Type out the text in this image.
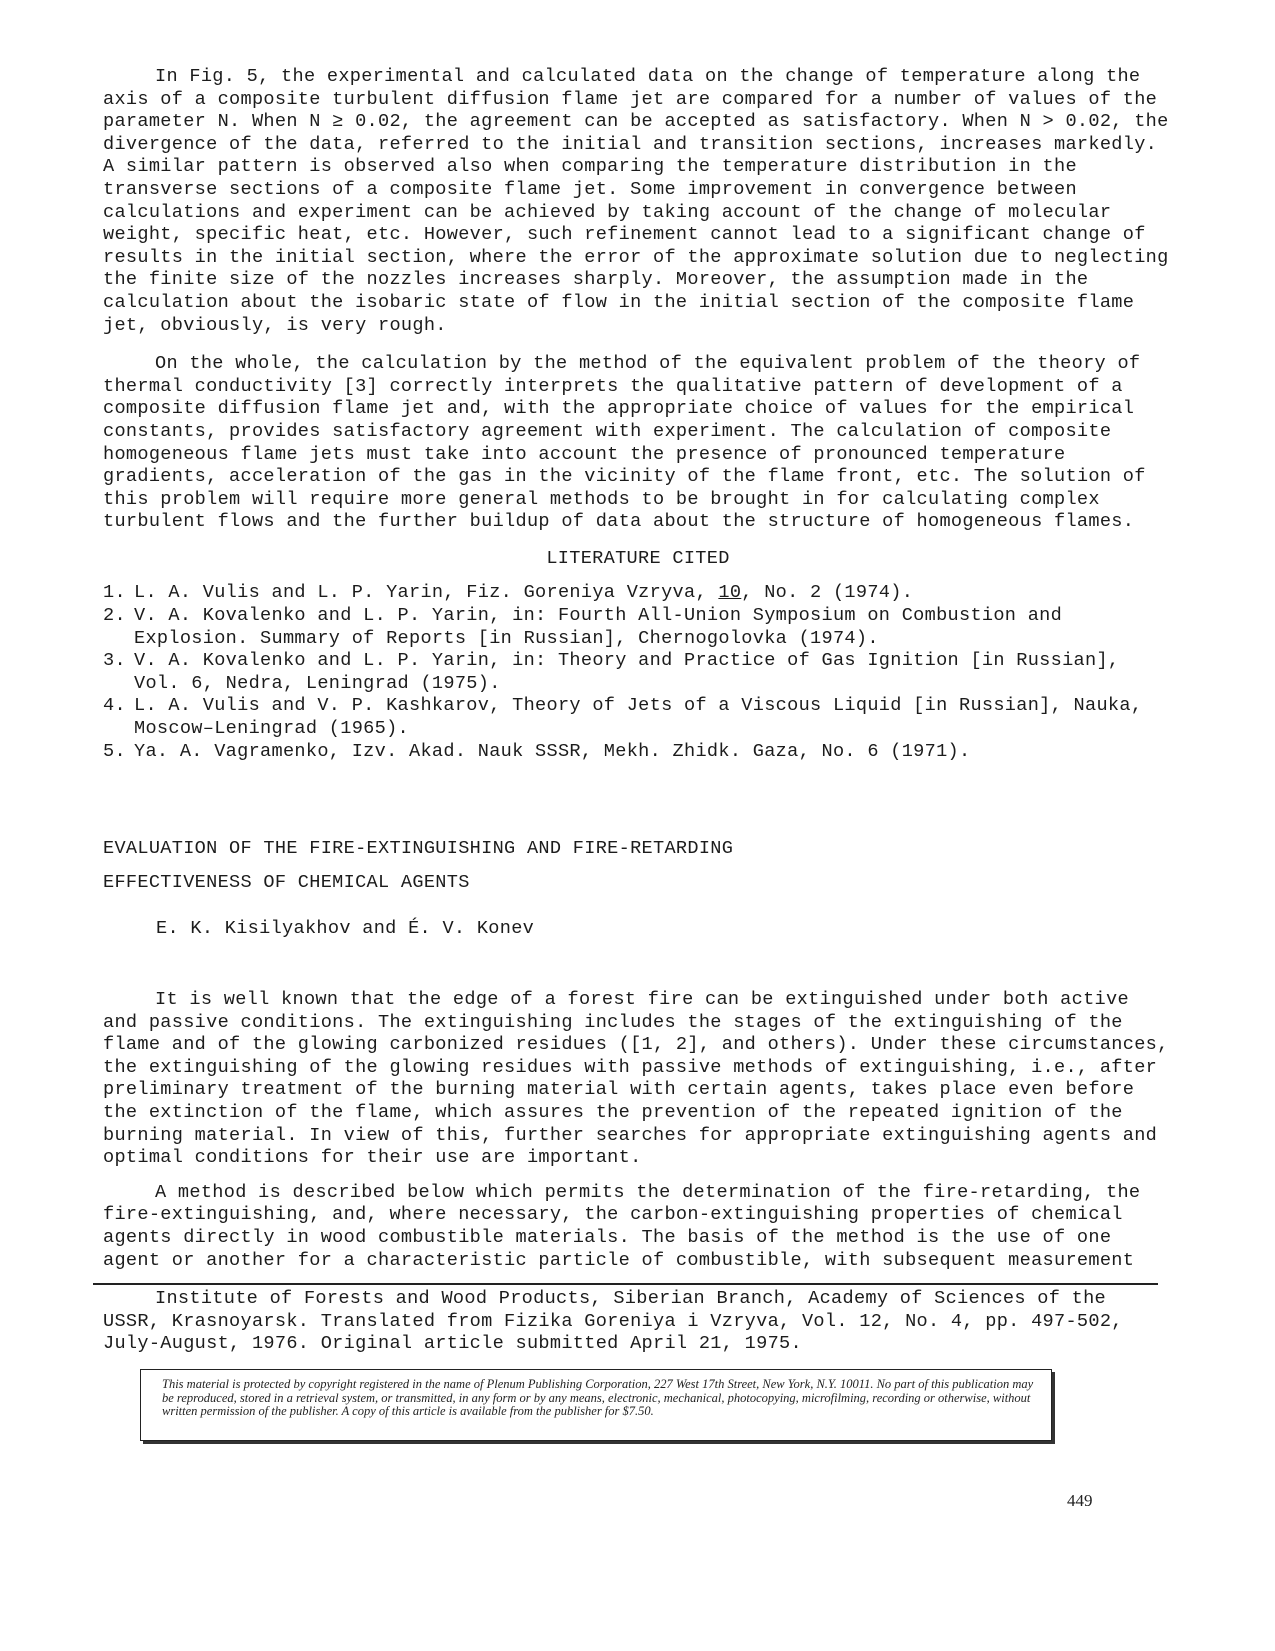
In Fig. 5, the experimental and calculated data on the change of temperature along the axis of a composite turbulent diffusion flame jet are compared for a number of values of the parameter N. When N ≥ 0.02, the agreement can be accepted as satisfactory. When N > 0.02, the divergence of the data, referred to the initial and transition sections, increases markedly. A similar pattern is observed also when comparing the temperature distribution in the transverse sections of a composite flame jet. Some improvement in convergence between calculations and experiment can be achieved by taking account of the change of molecular weight, specific heat, etc. However, such refinement cannot lead to a significant change of results in the initial section, where the error of the approximate solution due to neglecting the finite size of the nozzles increases sharply. Moreover, the assumption made in the calculation about the isobaric state of flow in the initial section of the composite flame jet, obviously, is very rough.

On the whole, the calculation by the method of the equivalent problem of the theory of thermal conductivity [3] correctly interprets the qualitative pattern of development of a composite diffusion flame jet and, with the appropriate choice of values for the empirical constants, provides satisfactory agreement with experiment. The calculation of composite homogeneous flame jets must take into account the presence of pronounced temperature gradients, acceleration of the gas in the vicinity of the flame front, etc. The solution of this problem will require more general methods to be brought in for calculating complex turbulent flows and the further buildup of data about the structure of homogeneous flames.

LITERATURE CITED

1. L. A. Vulis and L. P. Yarin, Fiz. Goreniya Vzryva, 10, No. 2 (1974).
2. V. A. Kovalenko and L. P. Yarin, in: Fourth All-Union Symposium on Combustion and Explosion. Summary of Reports [in Russian], Chernogolovka (1974).
3. V. A. Kovalenko and L. P. Yarin, in: Theory and Practice of Gas Ignition [in Russian], Vol. 6, Nedra, Leningrad (1975).
4. L. A. Vulis and V. P. Kashkarov, Theory of Jets of a Viscous Liquid [in Russian], Nauka, Moscow–Leningrad (1965).
5. Ya. A. Vagramenko, Izv. Akad. Nauk SSSR, Mekh. Zhidk. Gaza, No. 6 (1971).
EVALUATION OF THE FIRE-EXTINGUISHING AND FIRE-RETARDING
EFFECTIVENESS OF CHEMICAL AGENTS
E. K. Kisilyakhov and É. V. Konev

It is well known that the edge of a forest fire can be extinguished under both active and passive conditions. The extinguishing includes the stages of the extinguishing of the flame and of the glowing carbonized residues ([1, 2], and others). Under these circumstances, the extinguishing of the glowing residues with passive methods of extinguishing, i.e., after preliminary treatment of the burning material with certain agents, takes place even before the extinction of the flame, which assures the prevention of the repeated ignition of the burning material. In view of this, further searches for appropriate extinguishing agents and optimal conditions for their use are important.

A method is described below which permits the determination of the fire-retarding, the fire-extinguishing, and, where necessary, the carbon-extinguishing properties of chemical agents directly in wood combustible materials. The basis of the method is the use of one agent or another for a characteristic particle of combustible, with subsequent measurement

Institute of Forests and Wood Products, Siberian Branch, Academy of Sciences of the USSR, Krasnoyarsk. Translated from Fizika Goreniya i Vzryva, Vol. 12, No. 4, pp. 497-502, July-August, 1976. Original article submitted April 21, 1975.

This material is protected by copyright registered in the name of Plenum Publishing Corporation, 227 West 17th Street, New York, N.Y. 10011. No part of this publication may be reproduced, stored in a retrieval system, or transmitted, in any form or by any means, electronic, mechanical, photocopying, microfilming, recording or otherwise, without written permission of the publisher. A copy of this article is available from the publisher for $7.50.

449
